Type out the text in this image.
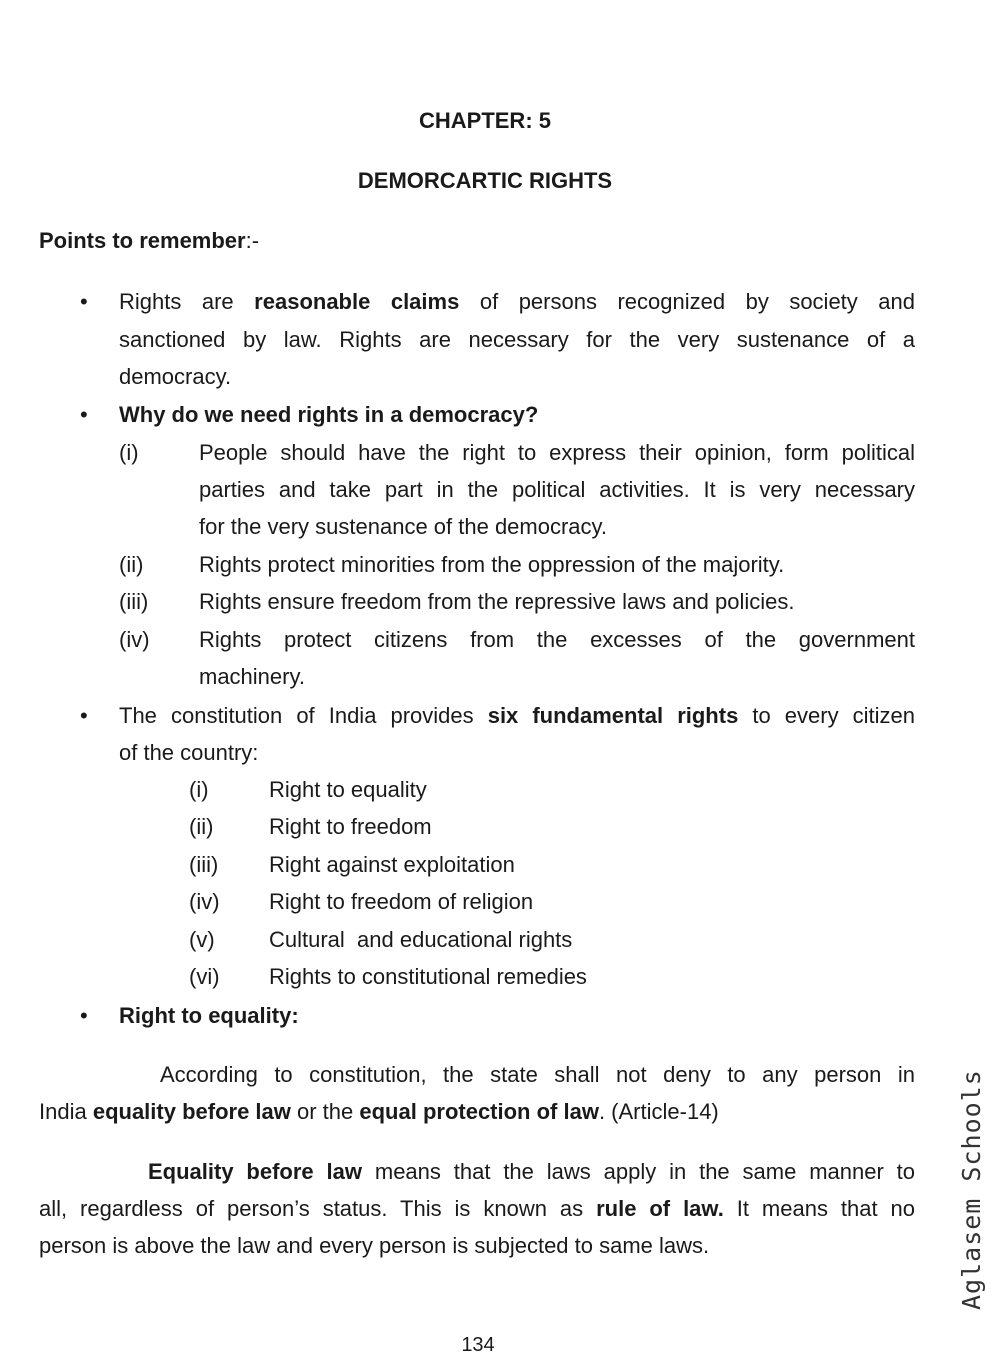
CHAPTER: 5
DEMORCARTIC RIGHTS
Points to remember:-
• Rights are reasonable claims of persons recognized by society and
sanctioned by law. Rights are necessary for the very sustenance of a
democracy.
• Why do we need rights in a democracy?
(i)	People should have the right to express their opinion, form political
parties and take part in the political activities. It is very necessary
for the very sustenance of the democracy.
(ii)	Rights protect minorities from the oppression of the majority.
(iii) Rights ensure freedom from the repressive laws and policies.
(iv) Rights protect citizens from the excesses of the government
machinery.
• The constitution of India provides six fundamental rights to every citizen
of the country:
(i)	Right to equality
(ii)	Right to freedom
(iii) Right against exploitation
(iv) Right to freedom of religion
(v) Cultural  and educational rights
(vi) Rights to constitutional remedies
• Right to equality:
According to constitution, the state shall not deny to any person in
India equality before law or the equal protection of law. (Article-14)
Equality before law means that the laws apply in the same manner to
all, regardless of person’s status. This is known as rule of law. It means that no
person is above the law and every person is subjected to same laws.	Aglasem Schools
134
